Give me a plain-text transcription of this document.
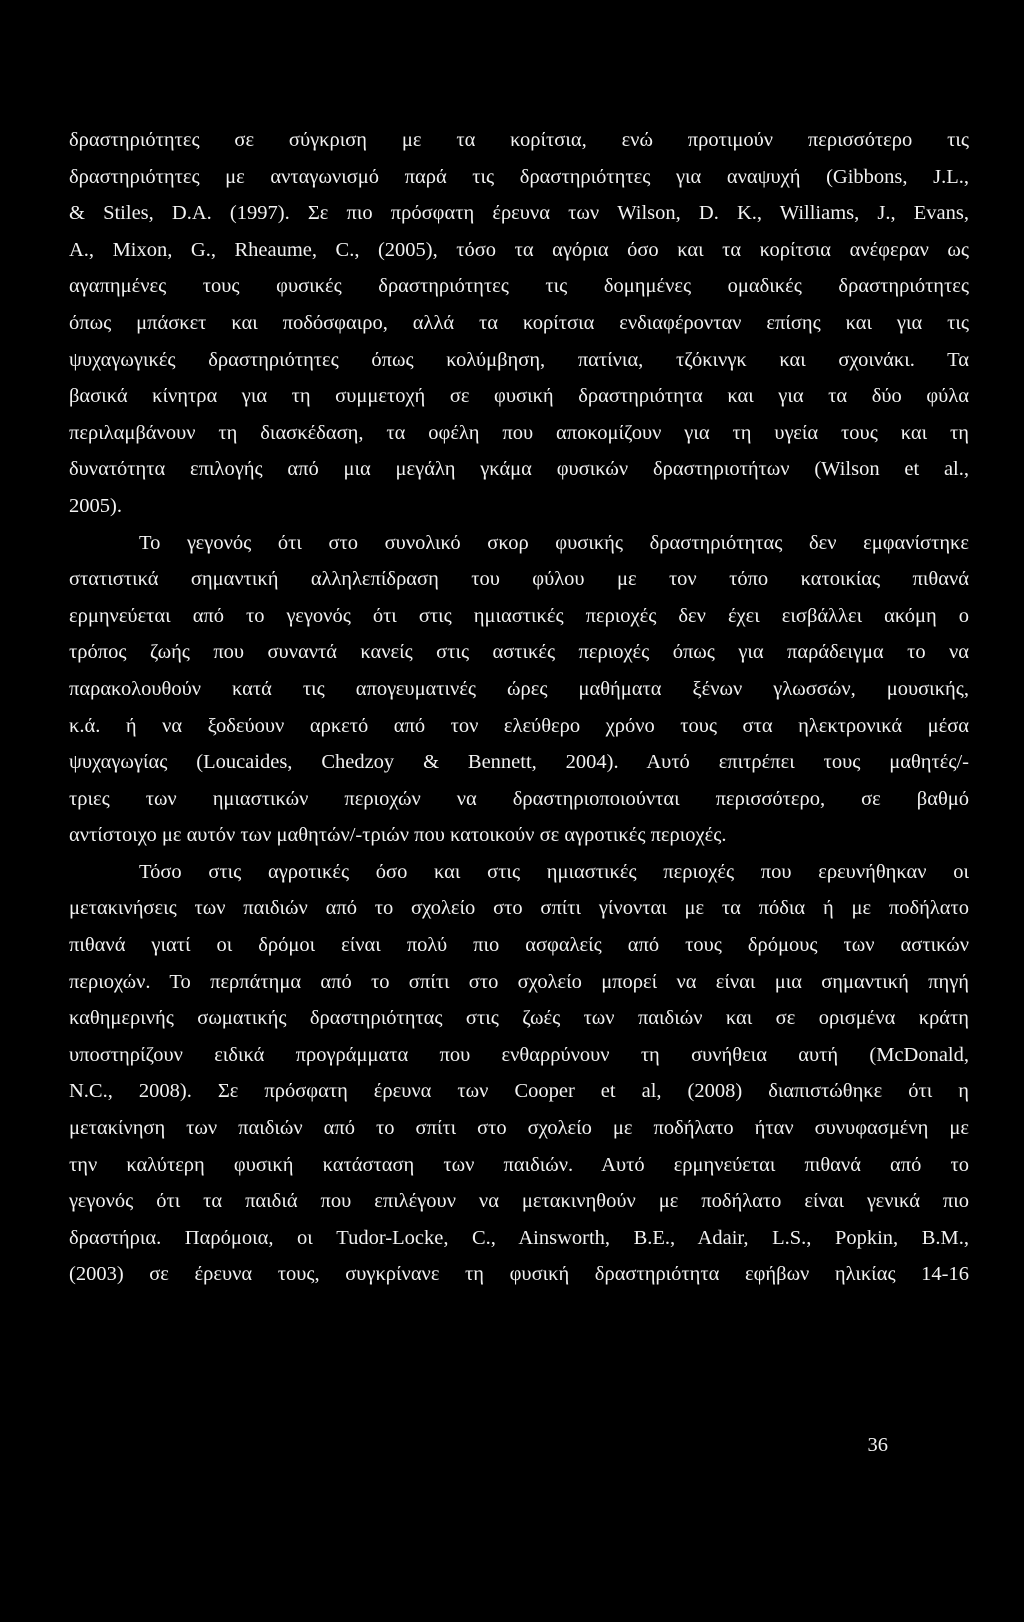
δραστηριότητες σε σύγκριση με τα κορίτσια, ενώ προτιμούν περισσότερο τις
δραστηριότητες με ανταγωνισμό παρά τις δραστηριότητες για αναψυχή (Gibbons, J.L.,
& Stiles, D.A. (1997). Σε πιο πρόσφατη έρευνα των Wilson, D. K., Williams, J., Evans,
A., Mixon, G., Rheaume, C., (2005), τόσο τα αγόρια όσο και τα κορίτσια ανέφεραν ως
αγαπημένες τους φυσικές δραστηριότητες τις δομημένες ομαδικές δραστηριότητες
όπως μπάσκετ και ποδόσφαιρο, αλλά τα κορίτσια ενδιαφέρονταν επίσης και για τις
ψυχαγωγικές δραστηριότητες όπως κολύμβηση, πατίνια, τζόκινγκ και σχοινάκι. Τα
βασικά κίνητρα για τη συμμετοχή σε φυσική δραστηριότητα και για τα δύο φύλα
περιλαμβάνουν τη διασκέδαση, τα οφέλη που αποκομίζουν για τη υγεία τους και τη
δυνατότητα επιλογής από μια μεγάλη γκάμα φυσικών δραστηριοτήτων (Wilson et al.,
2005).
Το γεγονός ότι στο συνολικό σκορ φυσικής δραστηριότητας δεν εμφανίστηκε
στατιστικά σημαντική αλληλεπίδραση του φύλου με τον τόπο κατοικίας πιθανά
ερμηνεύεται από το γεγονός ότι στις ημιαστικές περιοχές δεν έχει εισβάλλει ακόμη ο
τρόπος ζωής που συναντά κανείς στις αστικές περιοχές όπως για παράδειγμα το να
παρακολουθούν κατά τις απογευματινές ώρες μαθήματα ξένων γλωσσών, μουσικής,
κ.ά. ή να ξοδεύουν αρκετό από τον ελεύθερο χρόνο τους στα ηλεκτρονικά μέσα
ψυχαγωγίας (Loucaides, Chedzoy & Bennett, 2004). Αυτό επιτρέπει τους μαθητές/-
τριες των ημιαστικών περιοχών να δραστηριοποιούνται περισσότερο, σε βαθμό
αντίστοιχο με αυτόν των μαθητών/-τριών που κατοικούν σε αγροτικές περιοχές.
Τόσο στις αγροτικές όσο και στις ημιαστικές περιοχές που ερευνήθηκαν οι
μετακινήσεις των παιδιών από το σχολείο στο σπίτι γίνονται με τα πόδια ή με ποδήλατο
πιθανά γιατί οι δρόμοι είναι πολύ πιο ασφαλείς από τους δρόμους των αστικών
περιοχών. Το περπάτημα από το σπίτι στο σχολείο μπορεί να είναι μια σημαντική πηγή
καθημερινής σωματικής δραστηριότητας στις ζωές των παιδιών και σε ορισμένα κράτη
υποστηρίζουν ειδικά προγράμματα που ενθαρρύνουν τη συνήθεια αυτή (McDonald,
N.C., 2008). Σε πρόσφατη έρευνα των Cooper et al, (2008) διαπιστώθηκε ότι η
μετακίνηση των παιδιών από το σπίτι στο σχολείο με ποδήλατο ήταν συνυφασμένη με
την καλύτερη φυσική κατάσταση των παιδιών. Αυτό ερμηνεύεται πιθανά από το
γεγονός ότι τα παιδιά που επιλέγουν να μετακινηθούν με ποδήλατο είναι γενικά πιο
δραστήρια. Παρόμοια, οι Tudor-Locke, C., Ainsworth, B.E., Adair, L.S., Popkin, B.M.,
(2003) σε έρευνα τους, συγκρίνανε τη φυσική δραστηριότητα εφήβων ηλικίας 14-16
36
